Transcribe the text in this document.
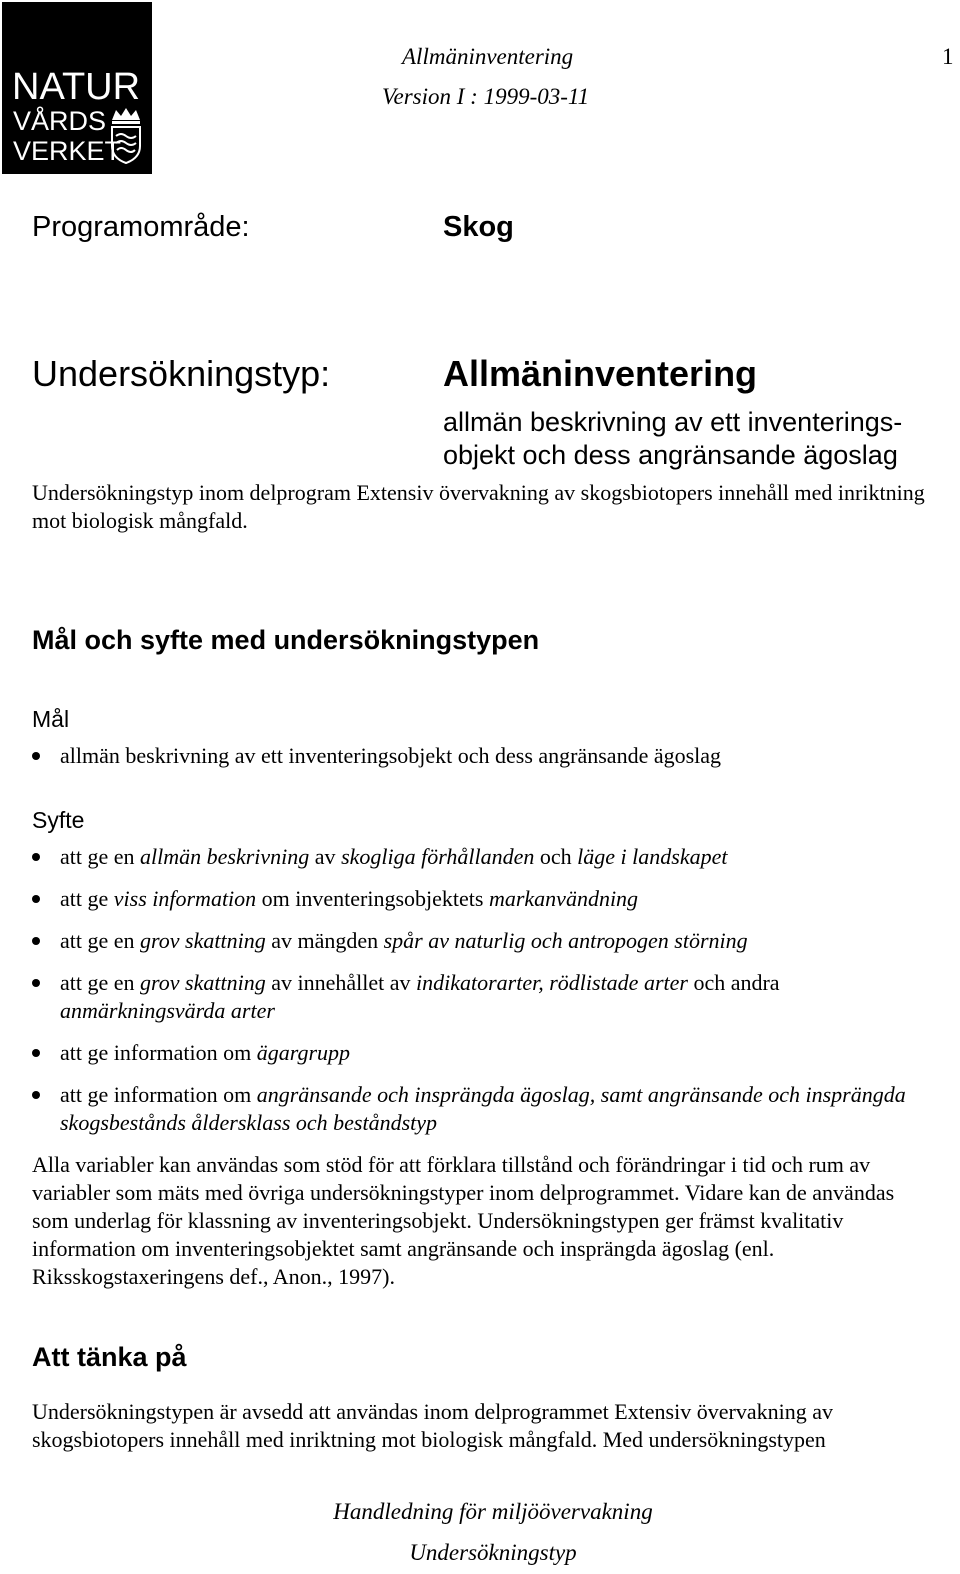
NATUR
VÅRDS
VERKET
Allmäninventering
Version I : 1999-03-11
1
Programområde:	Skog
Undersökningstyp:	Allmäninventering
allmän beskrivning av ett inventerings-
objekt och dess angränsande ägoslag
Undersökningstyp inom delprogram Extensiv övervakning av skogsbiotopers innehåll med inriktning mot biologisk mångfald.
Mål och syfte med undersökningstypen
Mål
allmän beskrivning av ett inventeringsobjekt och dess angränsande ägoslag
Syfte
att ge en allmän beskrivning av skogliga förhållanden och läge i landskapet
att ge viss information om inventeringsobjektets markanvändning
att ge en grov skattning av mängden spår av naturlig och antropogen störning
att ge en grov skattning av innehållet av indikatorarter, rödlistade arter och andra anmärkningsvärda arter
att ge information om ägargrupp
att ge information om angränsande och insprängda ägoslag, samt angränsande och insprängda skogsbestånds åldersklass och beståndstyp
Alla variabler kan användas som stöd för att förklara tillstånd och förändringar i tid och rum av variabler som mäts med övriga undersökningstyper inom delprogrammet. Vidare kan de användas som underlag för klassning av inventeringsobjekt. Undersökningstypen ger främst kvalitativ information om inventeringsobjektet samt angränsande och insprängda ägoslag (enl. Riksskogstaxeringens def., Anon., 1997).
Att tänka på
Undersökningstypen är avsedd att användas inom delprogrammet Extensiv övervakning av skogsbiotopers innehåll med inriktning mot biologisk mångfald. Med undersökningstypen
Handledning för miljöövervakning
Undersökningstyp
